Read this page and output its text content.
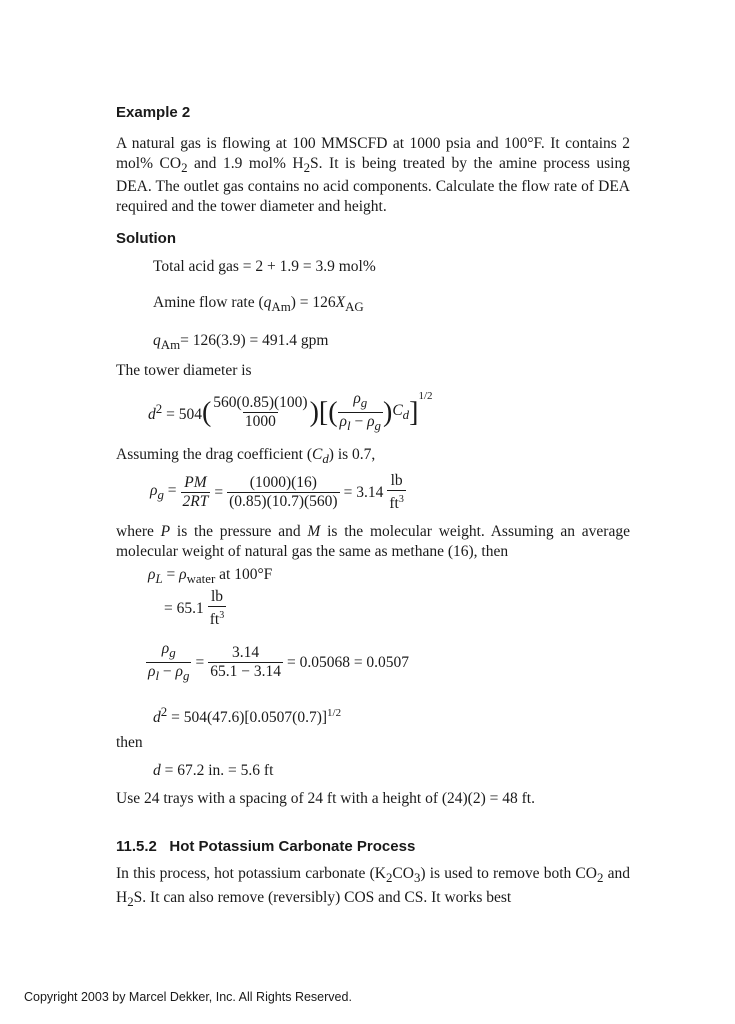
Example 2
A natural gas is flowing at 100 MMSCFD at 1000 psia and 100°F. It contains 2 mol% $CO_2$ and 1.9 mol% $H_2S$. It is being treated by the amine process using DEA. The outlet gas contains no acid components. Calculate the flow rate of DEA required and the tower diameter and height.
Solution
Total acid gas = 2 + 1.9 = 3.9 mol%
Amine flow rate $(q_{Am}) = 126X_{AG}$
$q_{Am}= 126(3.9) = 491.4$ gpm
The tower diameter is
$d^2 = 504$ ( $\frac{560(0.85)(100)}{1000}$ ) [ ( $\frac{\rho_g}{\rho_l - \rho_g}$ ) $C_d$ ]
$^{1/2}$
Assuming the drag coefficient $(C_d)$ is 0.7,
$\rho_g = \frac{PM}{2RT} = \frac{(1000)(16)}{(0.85)(10.7)(560)} = 3.14 \frac{lb}{ft^3}$
where P is the pressure and M is the molecular weight. Assuming an average molecular weight of natural gas the same as methane (16), then
$\rho_L = \rho_{water}$ at 100°F
= $65.1 \frac{lb}{ft^3}$
$\frac{\rho_g}{\rho_l - \rho_g} = \frac{3.14}{65.1 - 3.14} = 0.05068 = 0.0507$
$d^2 = 504(47.6)[0.0507(0.7)]^{1/2}$
then
d = 67.2 in. = 5.6 ft
Use 24 trays with a spacing of 24 ft with a height of (24)(2) = 48 ft.
11.5.2   Hot Potassium Carbonate Process
In this process, hot potassium carbonate $(K_2CO_3)$ is used to remove both $CO_2$ and $H_2S$. It can also remove (reversibly) COS and CS. It works best
Copyright 2003 by Marcel Dekker, Inc. All Rights Reserved.
